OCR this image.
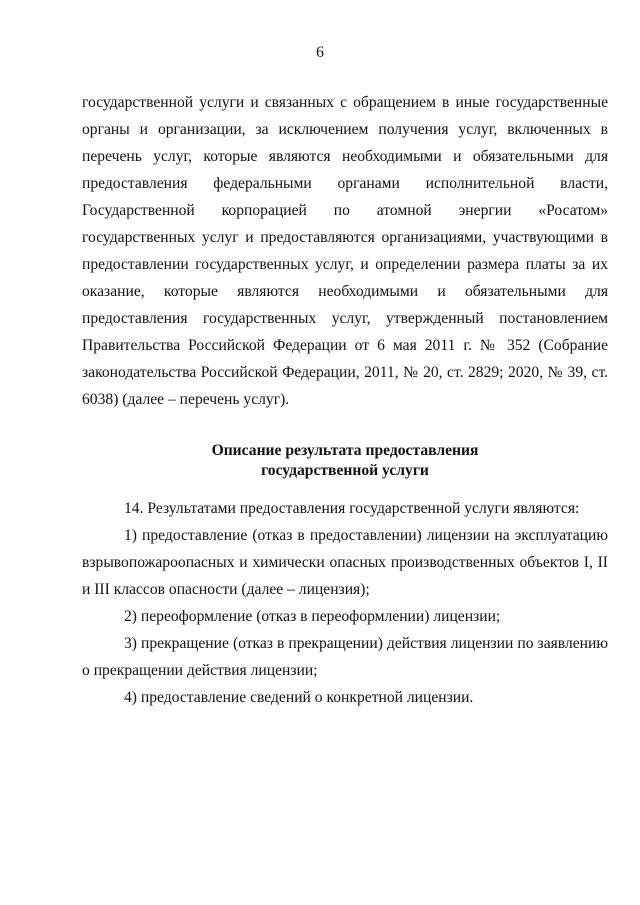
6

государственной услуги и связанных с обращением в иные государственные органы и организации, за исключением получения услуг, включенных в перечень услуг, которые являются необходимыми и обязательными для предоставления федеральными органами исполнительной власти, Государственной корпорацией по атомной энергии «Росатом» государственных услуг и предоставляются организациями, участвующими в предоставлении государственных услуг, и определении размера платы за их оказание, которые являются необходимыми и обязательными для предоставления государственных услуг, утвержденный постановлением Правительства Российской Федерации от 6 мая 2011 г. № 352 (Собрание законодательства Российской Федерации, 2011, № 20, ст. 2829; 2020, № 39, ст. 6038) (далее – перечень услуг).

Описание результата предоставления
государственной услуги

14. Результатами предоставления государственной услуги являются:

1) предоставление (отказ в предоставлении) лицензии на эксплуатацию взрывопожароопасных и химически опасных производственных объектов I, II и III классов опасности (далее – лицензия);

2) переоформление (отказ в переоформлении) лицензии;

3) прекращение (отказ в прекращении) действия лицензии по заявлению о прекращении действия лицензии;

4) предоставление сведений о конкретной лицензии.
